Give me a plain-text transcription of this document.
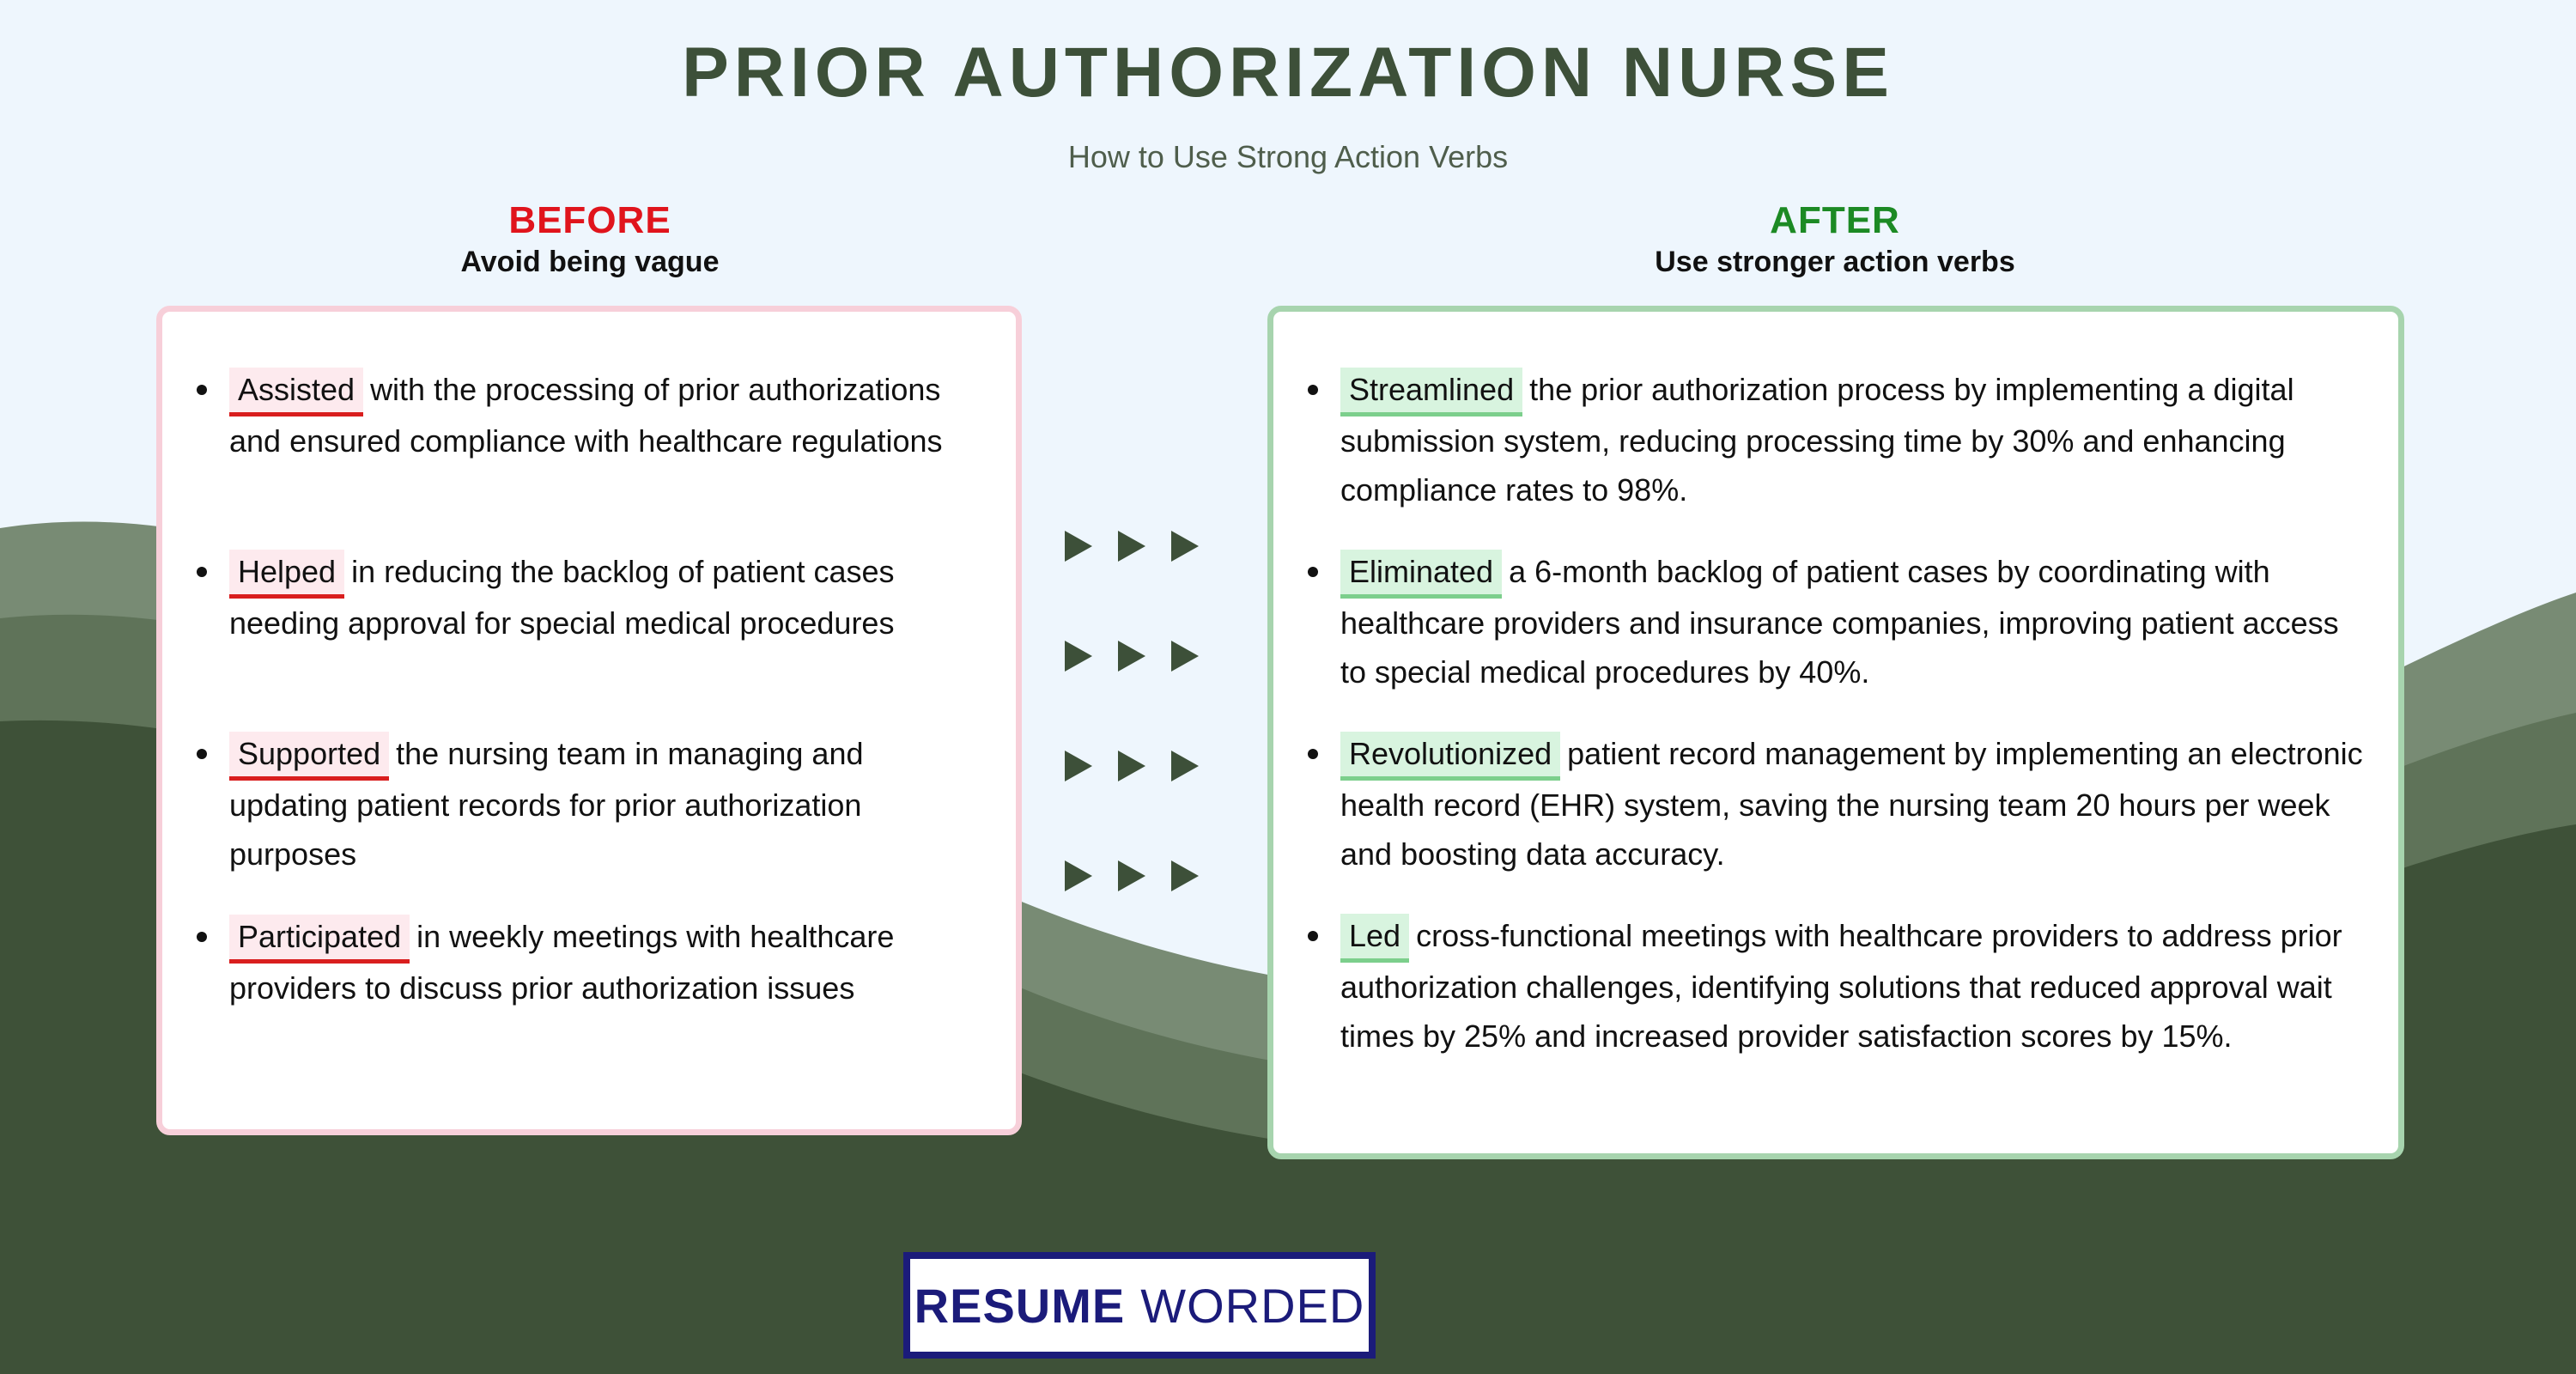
PRIOR AUTHORIZATION NURSE
How to Use Strong Action Verbs
BEFORE
Avoid being vague
AFTER
Use stronger action verbs
Assisted with the processing of prior authorizations and ensured compliance with healthcare regulations
Helped in reducing the backlog of patient cases needing approval for special medical procedures
Supported the nursing team in managing and updating patient records for prior authorization purposes
Participated in weekly meetings with healthcare providers to discuss prior authorization issues
Streamlined the prior authorization process by implementing a digital submission system, reducing processing time by 30% and enhancing compliance rates to 98%.
Eliminated a 6-month backlog of patient cases by coordinating with healthcare providers and insurance companies, improving patient access to special medical procedures by 40%.
Revolutionized patient record management by implementing an electronic health record (EHR) system, saving the nursing team 20 hours per week and boosting data accuracy.
Led cross-functional meetings with healthcare providers to address prior authorization challenges, identifying solutions that reduced approval wait times by 25% and increased provider satisfaction scores by 15%.
RESUME WORDED
